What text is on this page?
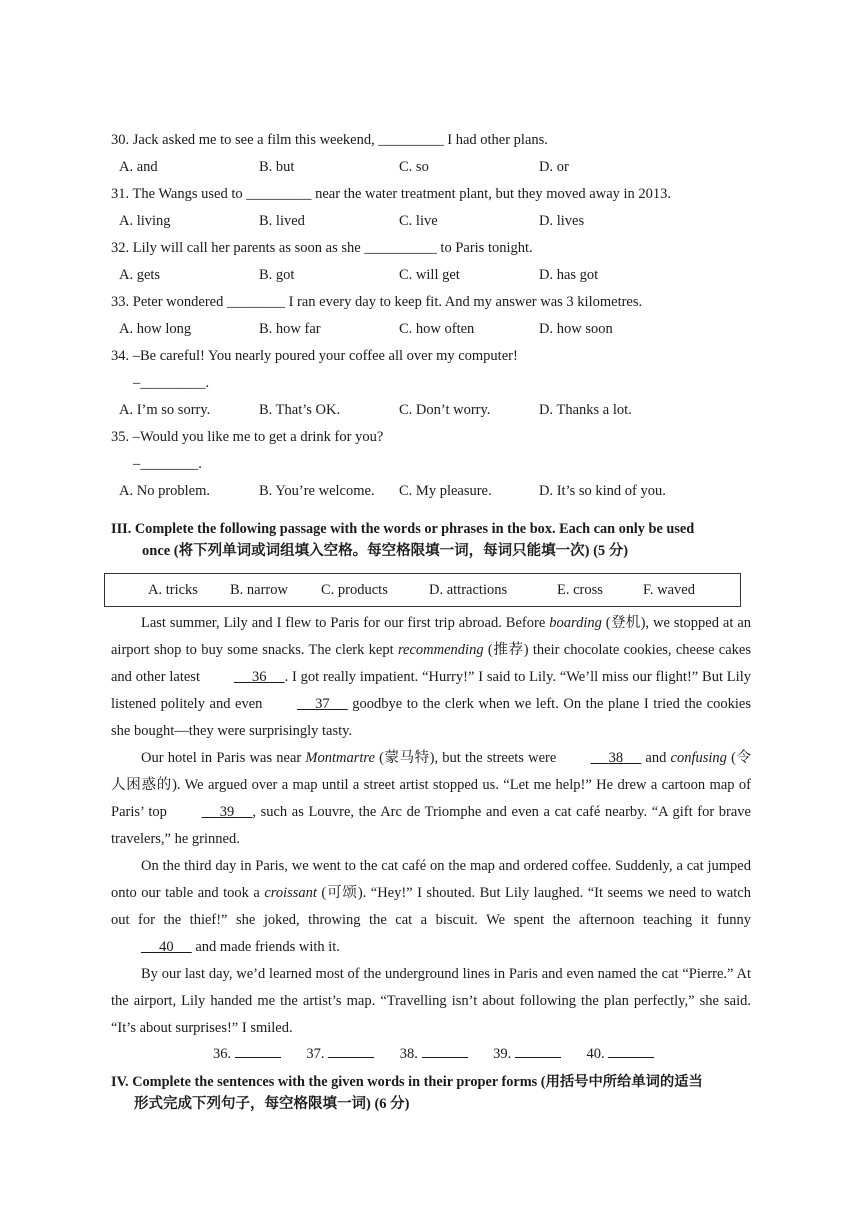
30. Jack asked me to see a film this weekend, _________ I had other plans.
A. and	B. but	C. so	D. or
31. The Wangs used to _________ near the water treatment plant, but they moved away in 2013.
A. living	B. lived	C. live	D. lives
32. Lily will call her parents as soon as she __________ to Paris tonight.
A. gets	B. got	C. will get	D. has got
33. Peter wondered ________ I ran every day to keep fit. And my answer was 3 kilometres.
A. how long	B. how far	C. how often	D. how soon
34. –Be careful! You nearly poured your coffee all over my computer!
–_________.
A. I’m so sorry.	B. That’s OK.	C. Don’t worry.	D. Thanks a lot.
35. –Would you like me to get a drink for you?
–________.
A. No problem.	B. You’re welcome. C. My pleasure.	D. It’s so kind of you.
III. Complete the following passage with the words or phrases in the box. Each can only be used
once (将下列单词或词组填入空格。每空格限填一词，每词只能填一次) (5 分)
A. tricks B. narrow C. products	D. attractions	E. cross	F. waved

Last summer, Lily and I flew to Paris for our first trip abroad. Before boarding (登机), we stopped at an airport shop to buy some snacks. The clerk kept recommending (推荐) their chocolate cookies, cheese cakes and other latest	36 . I got really impatient. “Hurry!” I said to Lily. “We’ll miss our flight!” But Lily listened politely and even	37      goodbye to the clerk when we left. On the plane I tried the cookies she bought—they were surprisingly tasty.

Our hotel in Paris was near Montmartre (蒙马特), but the streets were	38      and confusing (令人困惑的). We argued over a map until a street artist stopped us. “Let me help!” He drew a cartoon map of Paris’ top	39 , such as Louvre, the Arc de Triomphe and even a cat café nearby. “A gift for brave travelers,” he grinned.

On the third day in Paris, we went to the cat café on the map and ordered coffee. Suddenly, a cat jumped onto our table and took a croissant (可颂). “Hey!” I shouted. But Lily laughed. “It seems we need to watch out for the thief!” she joked, throwing the cat a biscuit. We spent the afternoon teaching it funny      40      and made friends with it.

By our last day, we’d learned most of the underground lines in Paris and even named the cat “Pierre.” At the airport, Lily handed me the artist’s map. “Travelling isn’t about following the plan perfectly,” she said. “It’s about surprises!” I smiled.

36.	37.	38.	39.	40.
IV. Complete the sentences with the given words in their proper forms (用括号中所给单词的适当
形式完成下列句子，每空格限填一词) (6 分)
